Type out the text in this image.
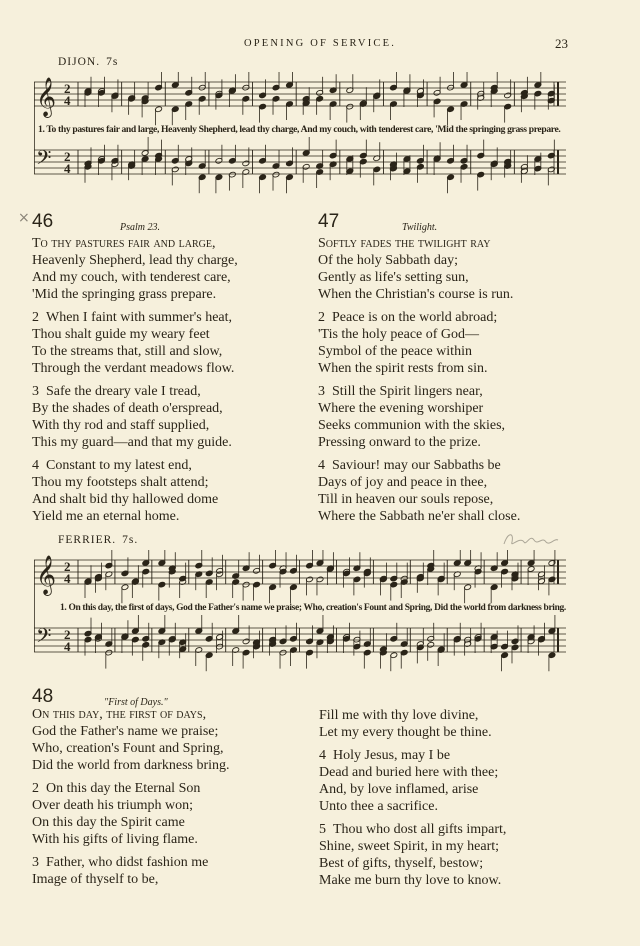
OPENING OF SERVICE.	23
DIJON. 7s
𝄞 2
4
𝄢 2
4
1. To thy pastures fair and large, Heavenly Shepherd, lead thy charge, And my couch, with tenderest care, 'Mid the springing grass prepare.
× 46	Psalm 23.
To thy pastures fair and large,
Heavenly Shepherd, lead thy charge,
And my couch, with tenderest care,
'Mid the springing grass prepare.
2 When I faint with summer's heat,
Thou shalt guide my weary feet
To the streams that, still and slow,
Through the verdant meadows flow.
3 Safe the dreary vale I tread,
By the shades of death o'erspread,
With thy rod and staff supplied,
This my guard—and that my guide.
4 Constant to my latest end,
Thou my footsteps shalt attend;
And shalt bid thy hallowed dome
Yield me an eternal home.
47	Twilight.
Softly fades the twilight ray
Of the holy Sabbath day;
Gently as life's setting sun,
When the Christian's course is run.
2 Peace is on the world abroad;
'Tis the holy peace of God—
Symbol of the peace within
When the spirit rests from sin.
3 Still the Spirit lingers near,
Where the evening worshiper
Seeks communion with the skies,
Pressing onward to the prize.
4 Saviour! may our Sabbaths be
Days of joy and peace in thee,
Till in heaven our souls repose,
Where the Sabbath ne'er shall close.
FERRIER. 7s.
𝄞 2
4
𝄢 2
4
1. On this day, the first of days, God the Father's name we praise; Who, creation's Fount and Spring, Did the world from darkness bring.
48	"First of Days."
On this day, the first of days,
God the Father's name we praise;
Who, creation's Fount and Spring,
Did the world from darkness bring.
2 On this day the Eternal Son
Over death his triumph won;
On this day the Spirit came
With his gifts of living flame.
3 Father, who didst fashion me
Image of thyself to be,
Fill me with thy love divine,
Let my every thought be thine.
4 Holy Jesus, may I be
Dead and buried here with thee;
And, by love inflamed, arise
Unto thee a sacrifice.
5 Thou who dost all gifts impart,
Shine, sweet Spirit, in my heart;
Best of gifts, thyself, bestow;
Make me burn thy love to know.
